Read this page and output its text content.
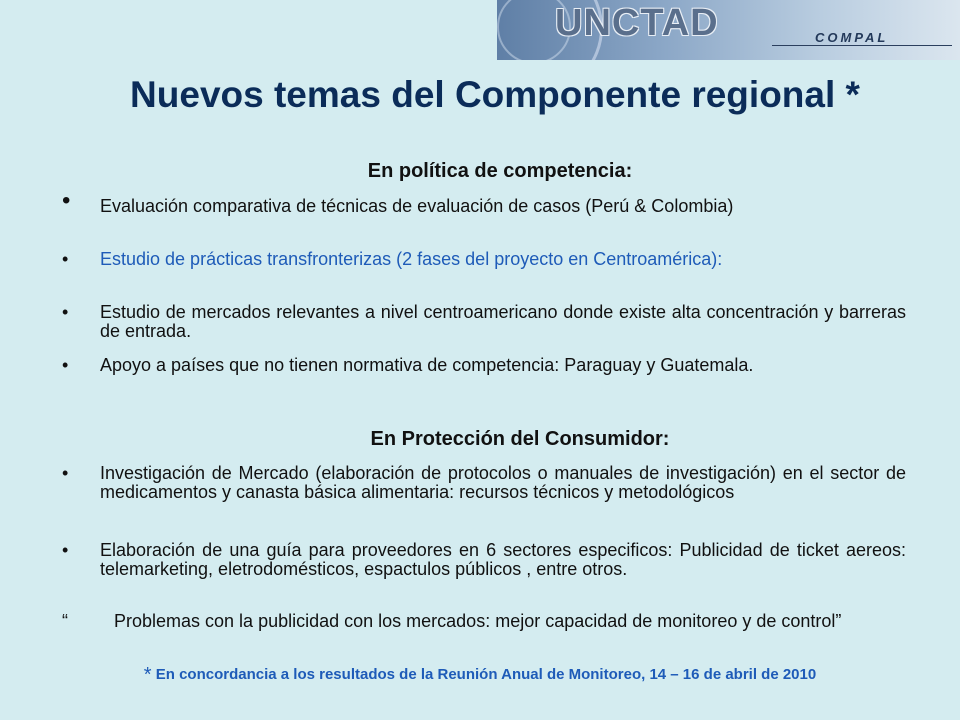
UNCTAD	COMPAL
Nuevos temas del Componente regional *
En política de competencia:
• Evaluación comparativa de técnicas de evaluación de casos (Perú & Colombia)
• Estudio de prácticas transfronterizas (2 fases del proyecto en Centroamérica):
• Estudio de mercados relevantes a nivel centroamericano donde existe alta concentración y barreras de entrada.
• Apoyo a países que no tienen normativa de competencia: Paraguay y Guatemala.
En Protección del Consumidor:
• Investigación de Mercado (elaboración de protocolos o manuales de investigación) en el sector de medicamentos y canasta básica alimentaria: recursos técnicos y metodológicos
• Elaboración de una guía para proveedores en 6 sectores especificos: Publicidad de ticket aereos: telemarketing, eletrodomésticos, espactulos públicos , entre otros.
“	Problemas con la publicidad con los mercados: mejor capacidad de monitoreo y de control”
* En concordancia a los resultados de la Reunión Anual de Monitoreo, 14 – 16 de abril de 2010
